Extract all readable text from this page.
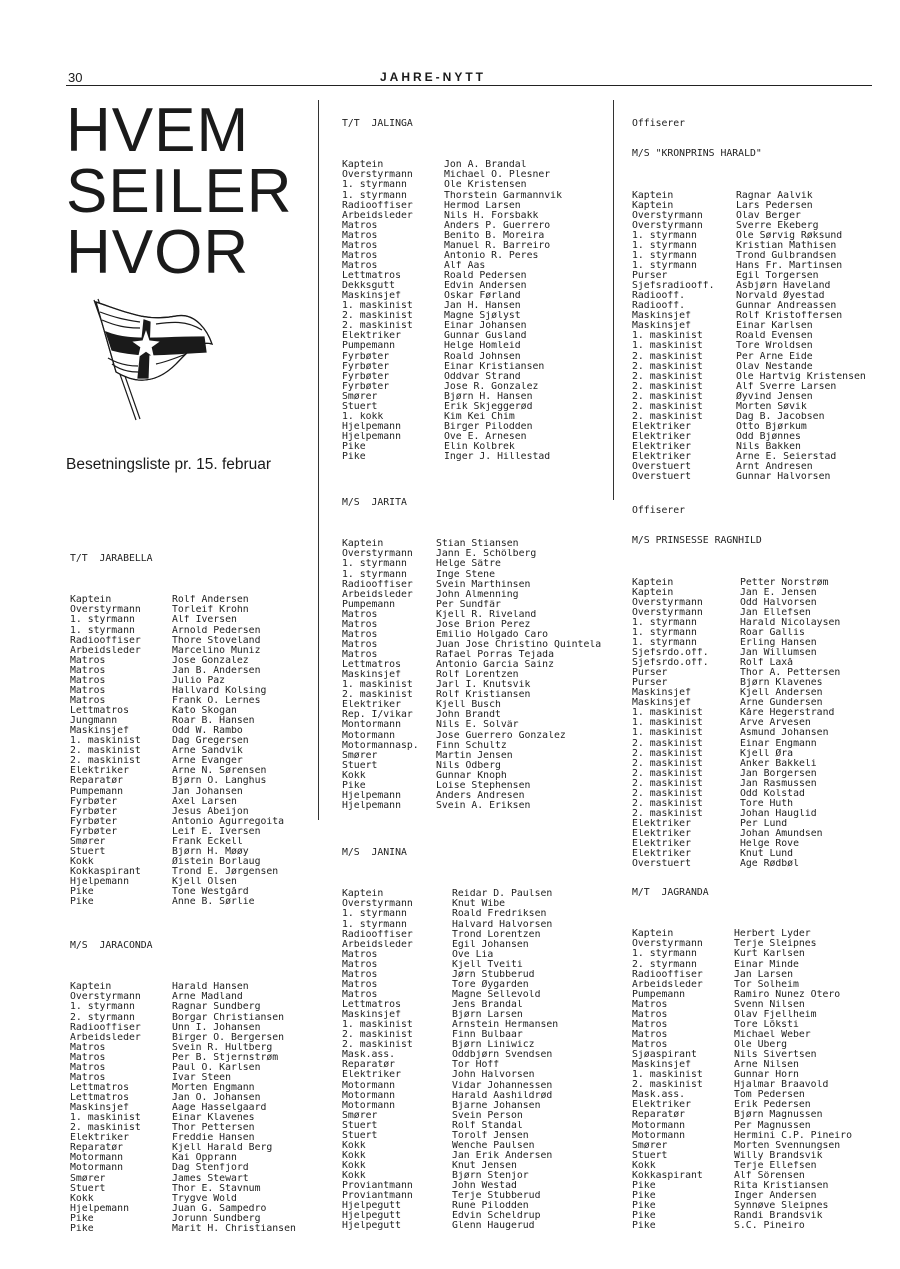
30	JAHRE-NYTT
HVEM
SEILER
HVOR
Besetningsliste pr. 15. februar

T/T  JARABELLA

Kaptein	Rolf Andersen
Overstyrmann	Torleif Krohn
1. styrmann	Alf Iversen
1. styrmann	Arnold Pedersen
Radiooffiser	Thore Stoveland
Arbeidsleder	Marcelino Muniz
Matros	Jose Gonzalez
Matros	Jan B. Andersen
Matros	Julio Paz
Matros	Hallvard Kolsing
Matros	Frank O. Lernes
Lettmatros	Kato Skogan
Jungmann	Roar B. Hansen
Maskinsjef	Odd W. Rambo
1. maskinist	Dag Gregersen
2. maskinist	Arne Sandvik
2. maskinist	Arne Evanger
Elektriker	Arne N. Sørensen
Reparatør	Bjørn O. Langhus
Pumpemann	Jan Johansen
Fyrbøter	Axel Larsen
Fyrbøter	Jesus Abeijon
Fyrbøter	Antonio Agurregoita
Fyrbøter	Leif E. Iversen
Smører	Frank Eckell
Stuert	Bjørn H. Møøy
Kokk	Øistein Borlaug
Kokkaspirant	Trond E. Jørgensen
Hjelpemann	Kjell Olsen
Pike	Tone Westgård
Pike	Anne B. Sørlie

M/S  JARACONDA

Kaptein	Harald Hansen
Overstyrmann	Arne Madland
1. styrmann	Ragnar Sundberg
2. styrmann	Borgar Christiansen
Radiooffiser	Unn I. Johansen
Arbeidsleder	Birger O. Bergersen
Matros	Svein R. Hultberg
Matros	Per B. Stjernstrøm
Matros	Paul O. Karlsen
Matros	Ivar Steen
Lettmatros	Morten Engmann
Lettmatros	Jan O. Johansen
Maskinsjef	Aage Hasselgaard
1. maskinist	Einar Klavenes
2. maskinist	Thor Pettersen
Elektriker	Freddie Hansen
Reparatør	Kjell Harald Berg
Motormann	Kai Opprann
Motormann	Dag Stenfjord
Smører	James Stewart
Stuert	Thor E. Stavnum
Kokk	Trygve Wold
Hjelpemann	Juan G. Sampedro
Pike	Jorunn Sundberg
Pike	Marit H. Christiansen

T/T  JALINGA

Kaptein	Jon A. Brandal
Overstyrmann	Michael O. Plesner
1. styrmann	Ole Kristensen
1. styrmann	Thorstein Garmannvik
Radiooffiser	Hermod Larsen
Arbeidsleder	Nils H. Forsbakk
Matros	Anders P. Guerrero
Matros	Benito B. Moreira
Matros	Manuel R. Barreiro
Matros	Antonio R. Peres
Matros	Alf Aas
Lettmatros	Roald Pedersen
Dekksgutt	Edvin Andersen
Maskinsjef	Oskar Førland
1. maskinist	Jan H. Hansen
2. maskinist	Magne Sjølyst
2. maskinist	Einar Johansen
Elektriker	Gunnar Gusland
Pumpemann	Helge Homleid
Fyrbøter	Roald Johnsen
Fyrbøter	Einar Kristiansen
Fyrbøter	Oddvar Strand
Fyrbøter	Jose R. Gonzalez
Smører	Bjørn H. Hansen
Stuert	Erik Skjeggerød
1. kokk	Kim Kei Chim
Hjelpemann	Birger Pilodden
Hjelpemann	Ove E. Arnesen
Pike	Elin Kolbrek
Pike	Inger J. Hillestad

M/S  JARITA

Kaptein	Stian Stiansen
Overstyrmann	Jann E. Schölberg
1. styrmann	Helge Sätre
1. styrmann	Inge Stene
Radiooffiser	Svein Marthinsen
Arbeidsleder	John Almenning
Pumpemann	Per Sundfär
Matros	Kjell R. Riveland
Matros	Jose Brion Perez
Matros	Emilio Holgado Caro
Matros	Juan Jose Christino Quintela
Matros	Rafael Porras Tejada
Lettmatros	Antonio Garcia Sainz
Maskinsjef	Rolf Lorentzen
1. maskinist	Jarl I. Knutsvik
2. maskinist	Rolf Kristiansen
Elektriker	Kjell Busch
Rep. I/vikar	John Brandt
Montormann	Nils E. Solvär
Motormann	Jose Guerrero Gonzalez
Motormannasp.	Finn Schultz
Smører	Martin Jensen
Stuert	Nils Odberg
Kokk	Gunnar Knoph
Pike	Loise Stephensen
Hjelpemann	Anders Andresen
Hjelpemann	Svein A. Eriksen

M/S  JANINA

Kaptein	Reidar D. Paulsen
Overstyrmann	Knut Wibe
1. styrmann	Roald Fredriksen
1. styrmann	Halvard Halvorsen
Radiooffiser	Trond Lorentzen
Arbeidsleder	Egil Johansen
Matros	Ove Lia
Matros	Kjell Tveiti
Matros	Jørn Stubberud
Matros	Tore Øygarden
Matros	Magne Sellevold
Lettmatros	Jens Brandal
Maskinsjef	Bjørn Larsen
1. maskinist	Arnstein Hermansen
2. maskinist	Finn Bulbaar
2. maskinist	Bjørn Liniwicz
Mask.ass.	Oddbjørn Svendsen
Reparatør	Tor Hoff
Elektriker	John Halvorsen
Motormann	Vidar Johannessen
Motormann	Harald Aashildrød
Motormann	Bjarne Johansen
Smører	Svein Person
Stuert	Rolf Standal
Stuert	Torolf Jensen
Kokk	Wenche Paulsen
Kokk	Jan Erik Andersen
Kokk	Knut Jensen
Kokk	Bjørn Stenjor
Proviantmann	John Westad
Proviantmann	Terje Stubberud
Hjelpegutt	Rune Pilodden
Hjelpegutt	Edvin Scheldrup
Hjelpegutt	Glenn Haugerud

Offiserer

M/S "KRONPRINS HARALD"

Kaptein	Ragnar Aalvik
Kaptein	Lars Pedersen
Overstyrmann	Olav Berger
Overstyrmann	Sverre Ekeberg
1. styrmann	Ole Sørvig Røksund
1. styrmann	Kristian Mathisen
1. styrmann	Trond Gulbrandsen
1. styrmann	Hans Fr. Martinsen
Purser	Egil Torgersen
Sjefsradiooff.	Asbjørn Haveland
Radiooff.	Norvald Øyestad
Radiooff.	Gunnar Andreassen
Maskinsjef	Rolf Kristoffersen
Maskinsjef	Einar Karlsen
1. maskinist	Roald Evensen
1. maskinist	Tore Wroldsen
2. maskinist	Per Arne Eide
2. maskinist	Olav Nestande
2. maskinist	Ole Hartvig Kristensen
2. maskinist	Alf Sverre Larsen
2. maskinist	Øyvind Jensen
2. maskinist	Morten Søvik
2. maskinist	Dag B. Jacobsen
Elektriker	Otto Bjørkum
Elektriker	Odd Bjønnes
Elektriker	Nils Bakken
Elektriker	Arne E. Seierstad
Overstuert	Arnt Andresen
Overstuert	Gunnar Halvorsen

Offiserer

M/S PRINSESSE RAGNHILD

Kaptein	Petter Norstrøm
Kaptein	Jan E. Jensen
Overstyrmann	Odd Halvorsen
Overstyrmann	Jan Ellefsen
1. styrmann	Harald Nicolaysen
1. styrmann	Roar Gallis
1. styrmann	Erling Hansen
Sjefsrdo.off.	Jan Willumsen
Sjefsrdo.off.	Rolf Laxå
Purser	Thor A. Pettersen
Purser	Bjørn Klavenes
Maskinsjef	Kjell Andersen
Maskinsjef	Arne Gundersen
1. maskinist	Kåre Hegerstrand
1. maskinist	Arve Arvesen
1. maskinist	Åsmund Johansen
2. maskinist	Einar Engmann
2. maskinist	Kjell Øra
2. maskinist	Anker Bakkeli
2. maskinist	Jan Borgersen
2. maskinist	Jan Rasmussen
2. maskinist	Odd Kolstad
2. maskinist	Tore Huth
2. maskinist	Johan Hauglid
Elektriker	Per Lund
Elektriker	Johan Amundsen
Elektriker	Helge Rove
Elektriker	Knut Lund
Overstuert	Åge Rødbøl

M/T  JAGRANDA

Kaptein	Herbert Lyder
Overstyrmann	Terje Sleipnes
1. styrmann	Kurt Karlsen
2. styrmann	Einar Minde
Radiooffiser	Jan Larsen
Arbeidsleder	Tor Solheim
Pumpemann	Ramiro Nunez Otero
Matros	Svenn Nilsen
Matros	Olav Fjellheim
Matros	Tore Lõksti
Matros	Michael Weber
Matros	Ole Uberg
Sjøaspirant	Nils Sivertsen
Maskinsjef	Arne Nilsen
1. maskinist	Gunnar Horn
2. maskinist	Hjalmar Braavold
Mask.ass.	Tom Pedersen
Elektriker	Erik Pedersen
Reparatør	Bjørn Magnussen
Motormann	Per Magnussen
Motormann	Hermini C.P. Pineiro
Smører	Morten Svennungsen
Stuert	Willy Brandsvik
Kokk	Terje Ellefsen
Kokkaspirant	Alf Sörensen
Pike	Rita Kristiansen
Pike	Inger Andersen
Pike	Synnøve Sleipnes
Pike	Randi Brandsvik
Pike	S.C. Pineiro
